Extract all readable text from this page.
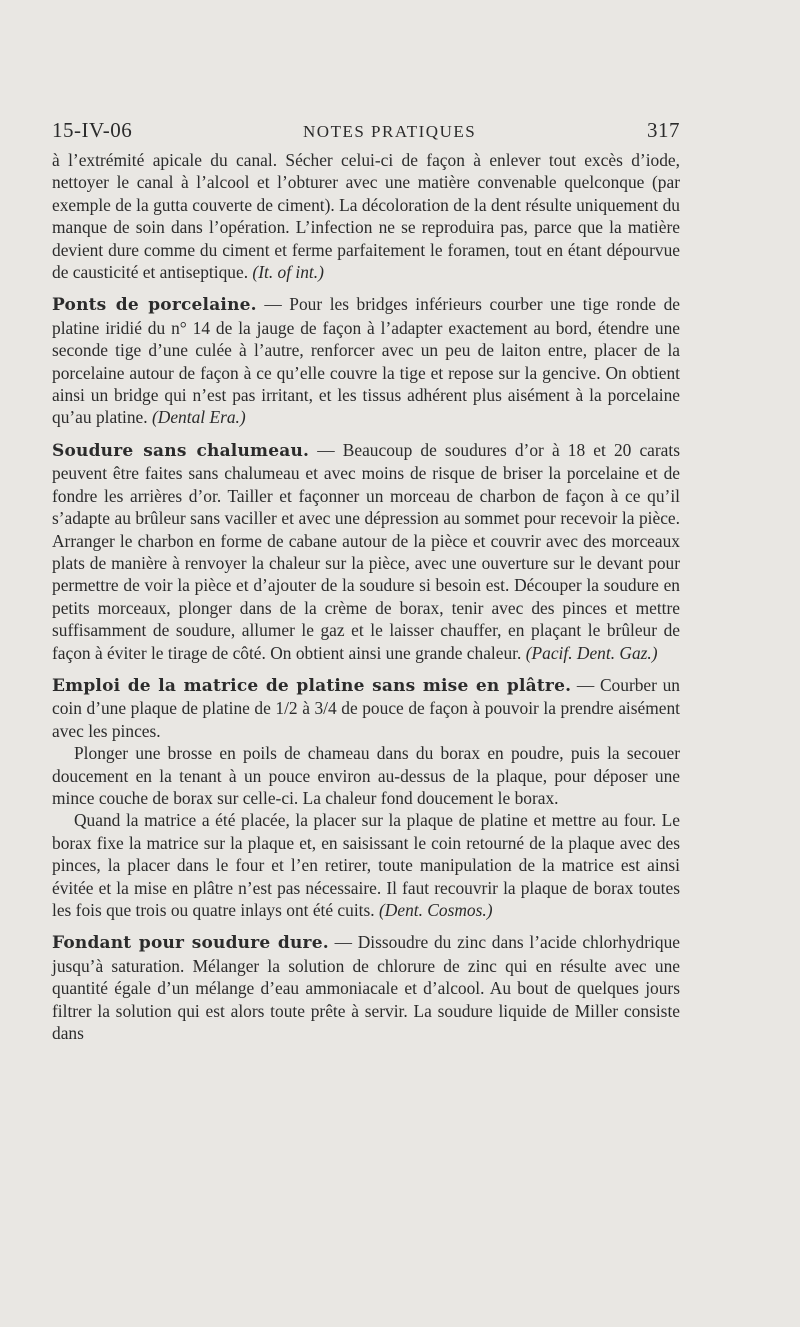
15-IV-06	NOTES PRATIQUES	317

à l’extrémité apicale du canal. Sécher celui-ci de façon à enlever tout excès d’iode, nettoyer le canal à l’alcool et l’obturer avec une matière convenable quelconque (par exemple de la gutta couverte de ciment). La décoloration de la dent résulte uniquement du manque de soin dans l’opération. L’infection ne se reproduira pas, parce que la matière devient dure comme du ciment et ferme parfaitement le foramen, tout en étant dépourvue de causticité et antiseptique. (It. of int.)

Ponts de porcelaine. — Pour les bridges inférieurs courber une tige ronde de platine iridié du n° 14 de la jauge de façon à l’adapter exactement au bord, étendre une seconde tige d’une culée à l’autre, renforcer avec un peu de laiton entre, placer de la porcelaine autour de façon à ce qu’elle couvre la tige et repose sur la gencive. On obtient ainsi un bridge qui n’est pas irritant, et les tissus adhérent plus aisément à la porcelaine qu’au platine. (Dental Era.)

Soudure sans chalumeau. — Beaucoup de soudures d’or à 18 et 20 carats peuvent être faites sans chalumeau et avec moins de risque de briser la porcelaine et de fondre les arrières d’or. Tailler et façonner un morceau de charbon de façon à ce qu’il s’adapte au brûleur sans vaciller et avec une dépression au sommet pour recevoir la pièce. Arranger le charbon en forme de cabane autour de la pièce et couvrir avec des morceaux plats de manière à renvoyer la chaleur sur la pièce, avec une ouverture sur le devant pour permettre de voir la pièce et d’ajouter de la soudure si besoin est. Découper la soudure en petits morceaux, plonger dans de la crème de borax, tenir avec des pinces et mettre suffisamment de soudure, allumer le gaz et le laisser chauffer, en plaçant le brûleur de façon à éviter le tirage de côté. On obtient ainsi une grande chaleur. (Pacif. Dent. Gaz.)

Emploi de la matrice de platine sans mise en plâtre. — Courber un coin d’une plaque de platine de 1/2 à 3/4 de pouce de façon à pouvoir la prendre aisément avec les pinces.

Plonger une brosse en poils de chameau dans du borax en poudre, puis la secouer doucement en la tenant à un pouce environ au-dessus de la plaque, pour déposer une mince couche de borax sur celle-ci. La chaleur fond doucement le borax.

Quand la matrice a été placée, la placer sur la plaque de platine et mettre au four. Le borax fixe la matrice sur la plaque et, en saisissant le coin retourné de la plaque avec des pinces, la placer dans le four et l’en retirer, toute manipulation de la matrice est ainsi évitée et la mise en plâtre n’est pas nécessaire. Il faut recouvrir la plaque de borax toutes les fois que trois ou quatre inlays ont été cuits. (Dent. Cosmos.)

Fondant pour soudure dure. — Dissoudre du zinc dans l’acide chlorhydrique jusqu’à saturation. Mélanger la solution de chlorure de zinc qui en résulte avec une quantité égale d’un mélange d’eau ammoniacale et d’alcool. Au bout de quelques jours filtrer la solution qui est alors toute prête à servir. La soudure liquide de Miller consiste dans
